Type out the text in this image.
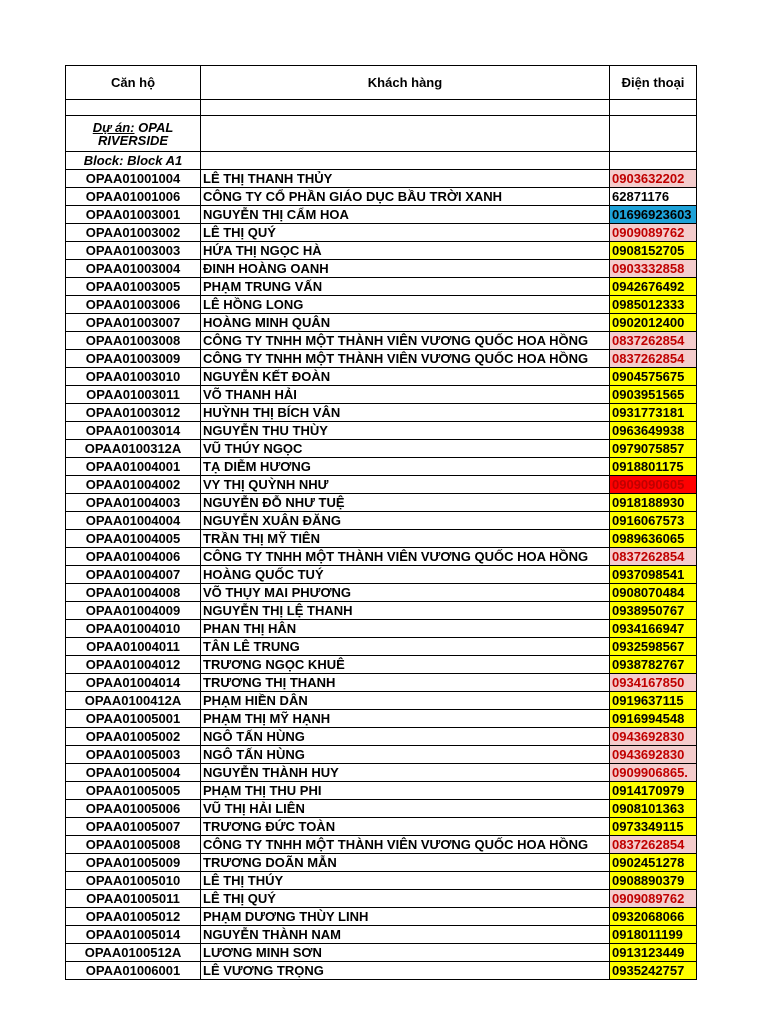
Căn hộ	Khách hàng	Điện thoại

Dự án: OPAL RIVERSIDE		
Block: Block A1		
OPAA01001004	LÊ THỊ THANH THỦY	0903632202
OPAA01001006	CÔNG TY CỔ PHẦN GIÁO DỤC BẦU TRỜI XANH	62871176
OPAA01003001	NGUYỄN THỊ CẨM HOA	01696923603
OPAA01003002	LÊ THỊ QUÝ	0909089762
OPAA01003003	HỨA THỊ NGỌC HÀ	0908152705
OPAA01003004	ĐINH HOÀNG OANH	0903332858
OPAA01003005	PHẠM TRUNG VẤN	0942676492
OPAA01003006	LÊ HỒNG LONG	0985012333
OPAA01003007	HOÀNG MINH QUÂN	0902012400
OPAA01003008	CÔNG TY TNHH MỘT THÀNH VIÊN VƯƠNG QUỐC HOA HỒNG	0837262854
OPAA01003009	CÔNG TY TNHH MỘT THÀNH VIÊN VƯƠNG QUỐC HOA HỒNG	0837262854
OPAA01003010	NGUYỄN KẾT ĐOÀN	0904575675
OPAA01003011	VÕ THANH HẢI	0903951565
OPAA01003012	HUỲNH THỊ BÍCH VÂN	0931773181
OPAA01003014	NGUYỄN THU THÙY	0963649938
OPAA0100312A	VŨ THÚY NGỌC	0979075857
OPAA01004001	TẠ DIỄM HƯƠNG	0918801175
OPAA01004002	VY THỊ QUỲNH NHƯ	0909090605
OPAA01004003	NGUYỄN ĐỖ NHƯ TUỆ	0918188930
OPAA01004004	NGUYỄN XUÂN ĐĂNG	0916067573
OPAA01004005	TRẦN THỊ MỸ TIÊN	0989636065
OPAA01004006	CÔNG TY TNHH MỘT THÀNH VIÊN VƯƠNG QUỐC HOA HỒNG	0837262854
OPAA01004007	HOÀNG QUỐC TUÝ	0937098541
OPAA01004008	VÕ THỤY MAI PHƯƠNG	0908070484
OPAA01004009	NGUYỄN THỊ LỆ THANH	0938950767
OPAA01004010	PHAN THỊ HÂN	0934166947
OPAA01004011	TÂN LÊ TRUNG	0932598567
OPAA01004012	TRƯƠNG NGỌC KHUÊ	0938782767
OPAA01004014	TRƯƠNG THỊ THANH	0934167850
OPAA0100412A	PHẠM HIỀN DÂN	0919637115
OPAA01005001	PHẠM THỊ MỸ HẠNH	0916994548
OPAA01005002	NGÔ TẤN HÙNG	0943692830
OPAA01005003	NGÔ TẤN HÙNG	0943692830
OPAA01005004	NGUYỄN THÀNH HUY	0909906865.
OPAA01005005	PHẠM THỊ THU PHI	0914170979
OPAA01005006	VŨ THỊ HẢI LIÊN	0908101363
OPAA01005007	TRƯƠNG ĐỨC TOÀN	0973349115
OPAA01005008	CÔNG TY TNHH MỘT THÀNH VIÊN VƯƠNG QUỐC HOA HỒNG	0837262854
OPAA01005009	TRƯƠNG DOÃN MẪN	0902451278
OPAA01005010	LÊ THỊ THÚY	0908890379
OPAA01005011	LÊ THỊ QUÝ	0909089762
OPAA01005012	PHẠM DƯƠNG THÙY LINH	0932068066
OPAA01005014	NGUYỄN THÀNH NAM	0918011199
OPAA0100512A	LƯƠNG MINH SƠN	0913123449
OPAA01006001	LÊ VƯƠNG TRỌNG	0935242757
